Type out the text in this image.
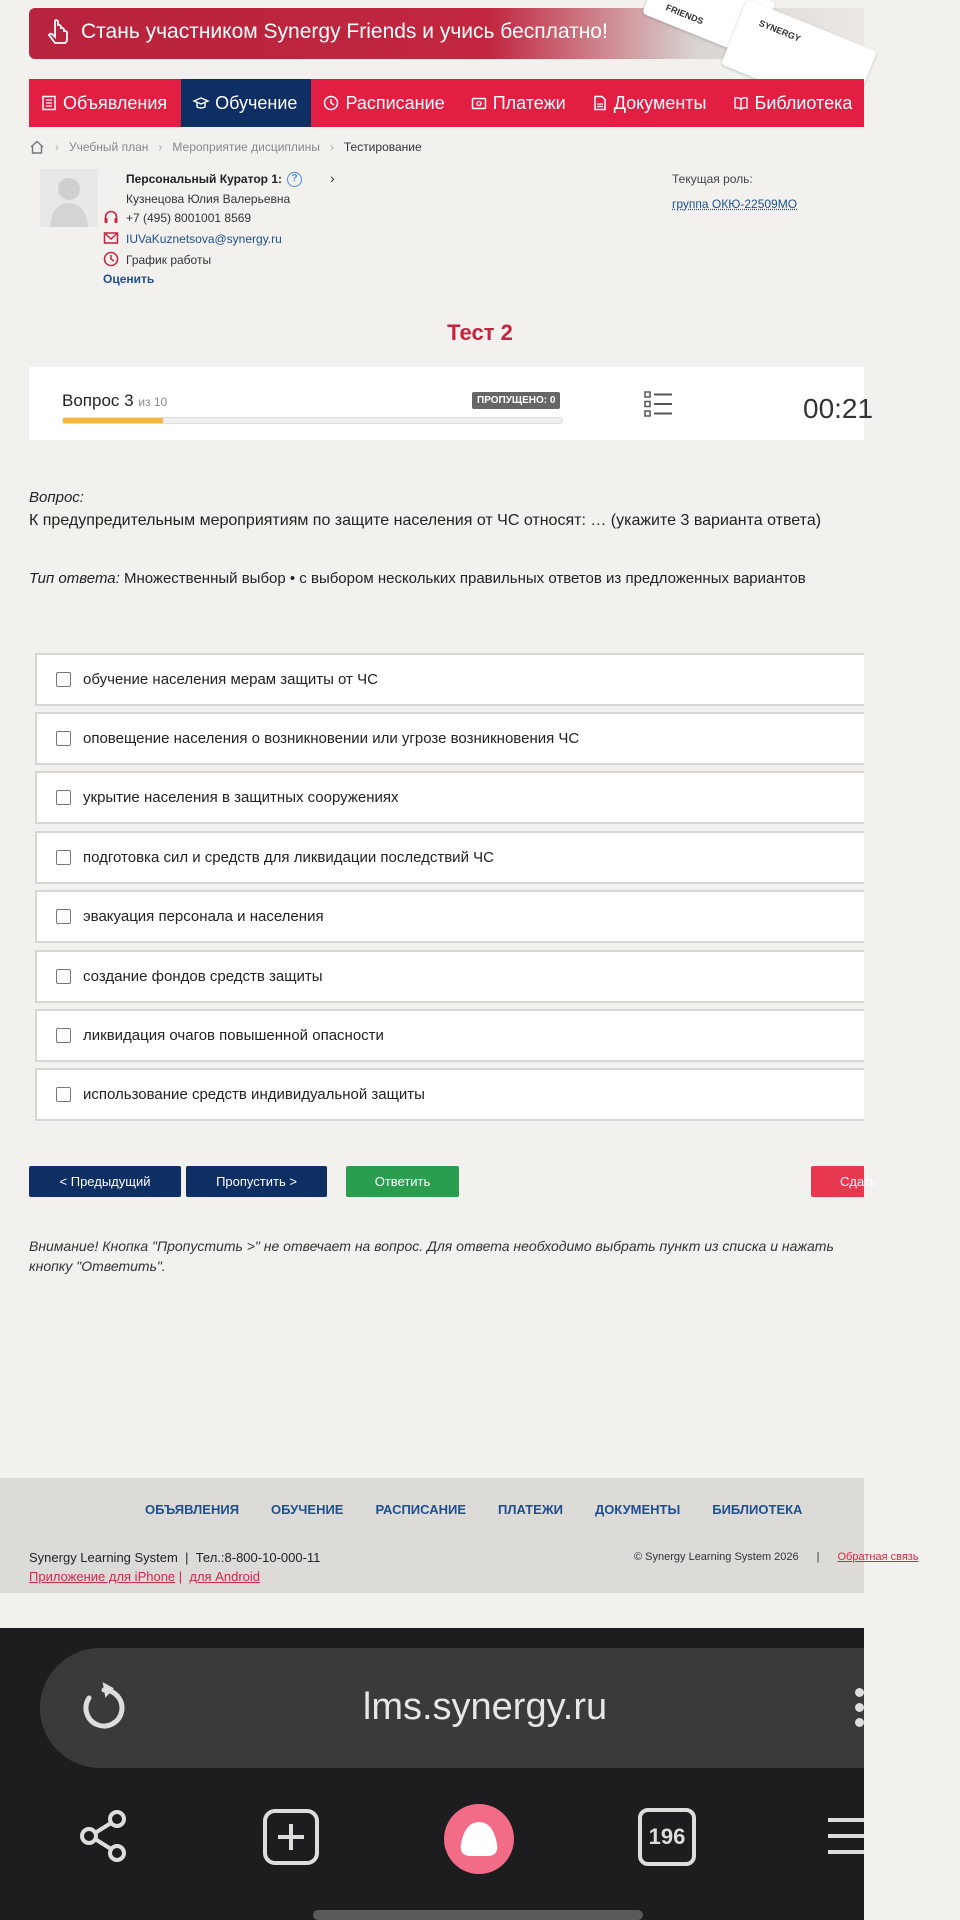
Стань участником Synergy Friends и учись бесплатно!
FRIENDS
SYNERGY
Объявления	Обучение	Расписание	Платежи	Документы	Библиотека
› Учебный план › Мероприятие дисциплины › Тестирование
Персональный Куратор 1: ?	›
Кузнецова Юлия Валерьевна
+7 (495) 8001001 8569
IUVaKuznetsova@synergy.ru
График работы
Оценить
Текущая роль:
группа ОКЮ-22509МО
Тест 2
Вопрос 3 из 10	ПРОПУЩЕНО: 0	00:21
Вопрос:
К предупредительным мероприятиям по защите населения от ЧС относят: … (укажите 3 варианта ответа)
Тип ответа: Множественный выбор • с выбором нескольких правильных ответов из предложенных вариантов
обучение населения мерам защиты от ЧС
оповещение населения о возникновении или угрозе возникновения ЧС
укрытие населения в защитных сооружениях
подготовка сил и средств для ликвидации последствий ЧС
эвакуация персонала и населения
создание фондов средств защиты
ликвидация очагов повышенной опасности
использование средств индивидуальной защиты
< Предыдущий	Пропустить >	Ответить	Сдать
Внимание! Кнопка "Пропустить >" не отвечает на вопрос. Для ответа необходимо выбрать пункт из списка и нажать
кнопку "Ответить".
ОБЪЯВЛЕНИЯ ОБУЧЕНИЕ РАСПИСАНИЕ ПЛАТЕЖИ ДОКУМЕНТЫ БИБЛИОТЕКА
Synergy Learning System  |  Тел.:8-800-10-000-11
Приложение для iPhone |  для Android
© Synergy Learning System 2026 | Обратная связь
lms.synergy.ru
196
